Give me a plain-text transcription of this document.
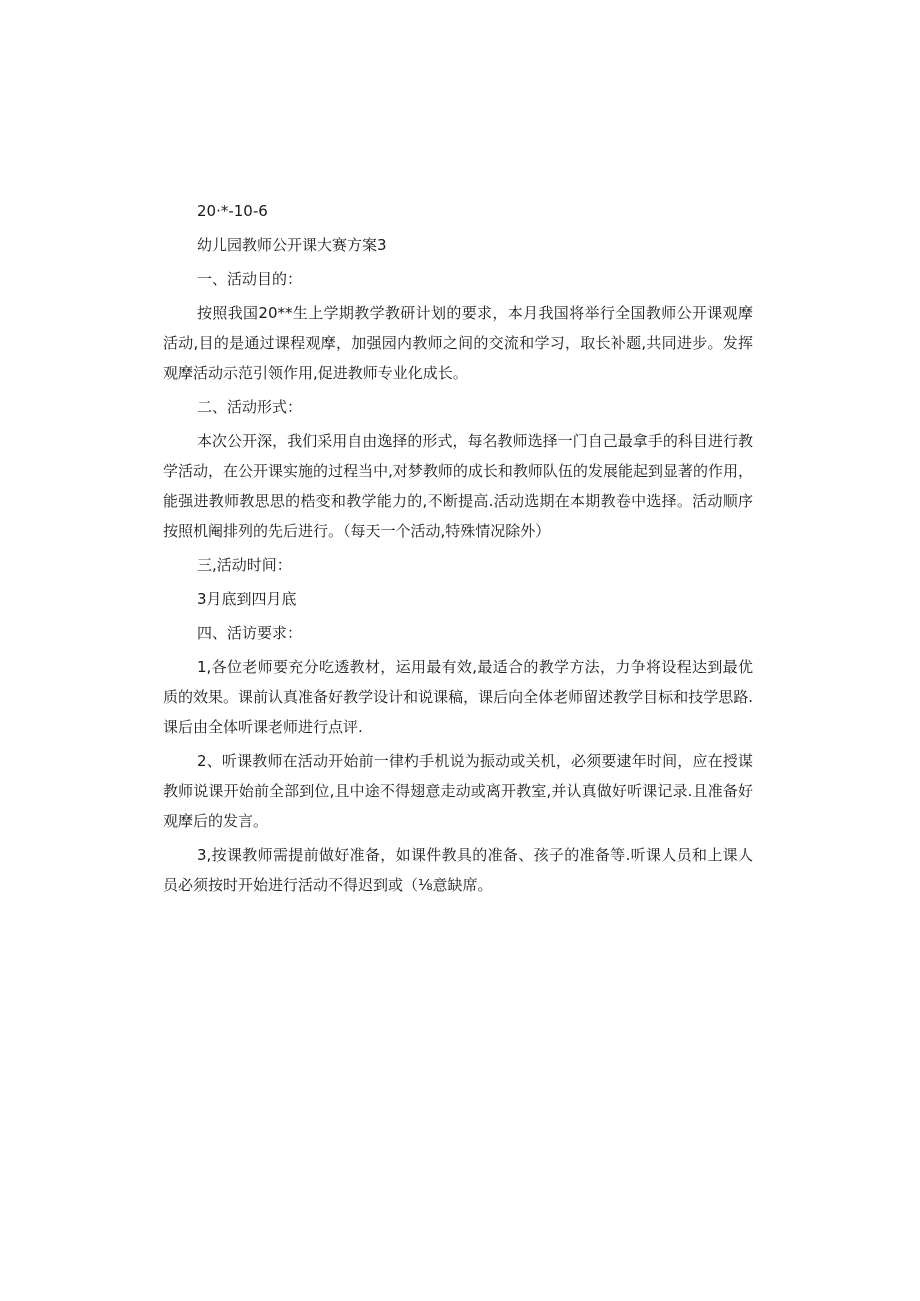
20·*-10-6
幼儿园教师公开课大赛方案3
一、活动目的：
按照我国20**生上学期教学教研计划的要求，本月我国将举行全国教师公开课观摩活动,目的是通过课程观摩，加强园内教师之间的交流和学习，取长补题,共同进步。发挥观摩活动示范引领作用,促进教师专业化成长。
二、活动形式：
本次公开深，我们采用自由逸择的形式，每名教师选择一门自己最拿手的科目进行教学活动，在公开课实施的过程当中,对梦教师的成长和教师队伍的发展能起到显著的作用，能强进教师教思思的梏变和教学能力的,不断提高.活动选期在本期教卷中选择。活动顺序按照机阉排列的先后进行。（每天一个活动,特殊情况除外）
三,活动时间：
3月底到四月底
四、活访要求：
1,各位老师要充分吃透教材，运用最有效,最适合的教学方法，力争将设程达到最优质的效果。课前认真准备好教学设计和说课稿，课后向全体老师留述教学目标和技学思路.课后由全体听课老师进行点评.
2、听课教师在活动开始前一律杓手机说为振动或关机，必须要逮年时间，应在授谋教师说课开始前全部到位,且中途不得翅意走动或离开教室,并认真做好听课记录.且准备好观摩后的发言。
3,按课教师需提前做好准备，如课件教具的准备、孩子的准备等.听课人员和上课人员必须按时开始进行活动不得迟到或（⅛意缺席。
